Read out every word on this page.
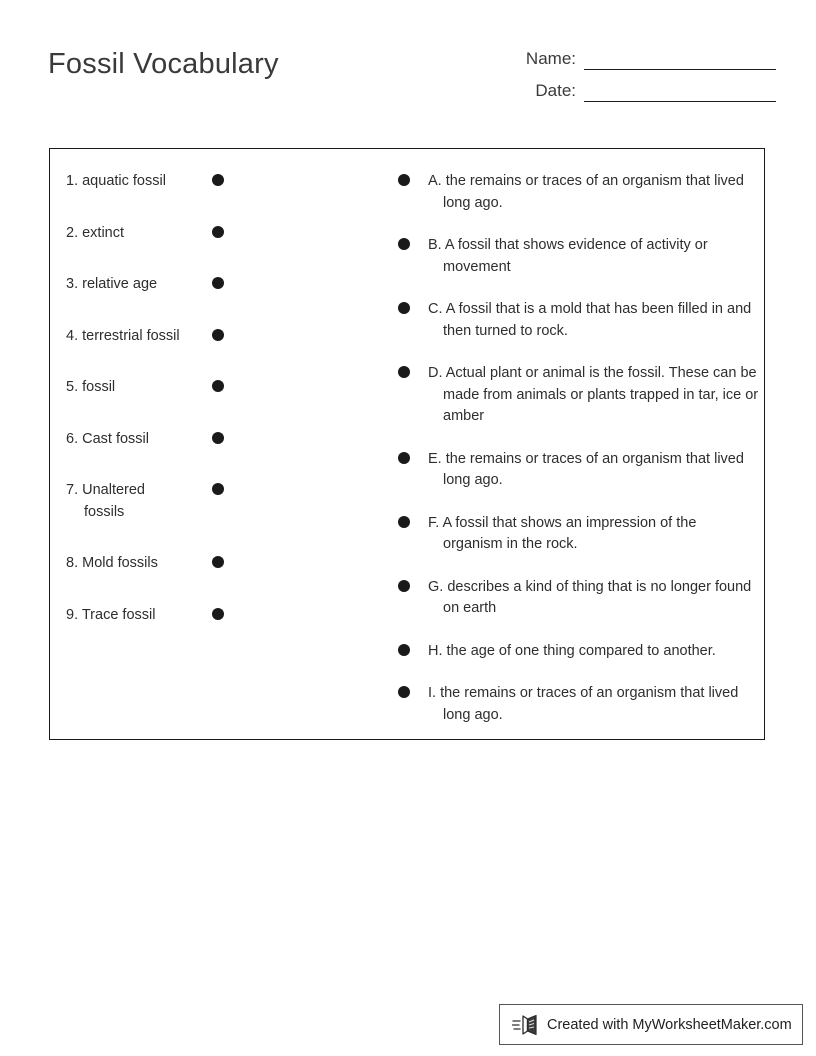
Fossil Vocabulary	Name:
Date:
1. aquatic fossil
2. extinct
3. relative age
4. terrestrial fossil
5. fossil
6. Cast fossil
7. Unaltered fossils
8. Mold fossils
9. Trace fossil
A. the remains or traces of an organism that lived long ago.
B. A fossil that shows evidence of activity or movement
C. A fossil that is a mold that has been filled in and then turned to rock.
D. Actual plant or animal is the fossil. These can be made from animals or plants trapped in tar, ice or amber
E. the remains or traces of an organism that lived long ago.
F. A fossil that shows an impression of the organism in the rock.
G. describes a kind of thing that is no longer found on earth
H. the age of one thing compared to another.
I. the remains or traces of an organism that lived long ago.
Created with MyWorksheetMaker.com
